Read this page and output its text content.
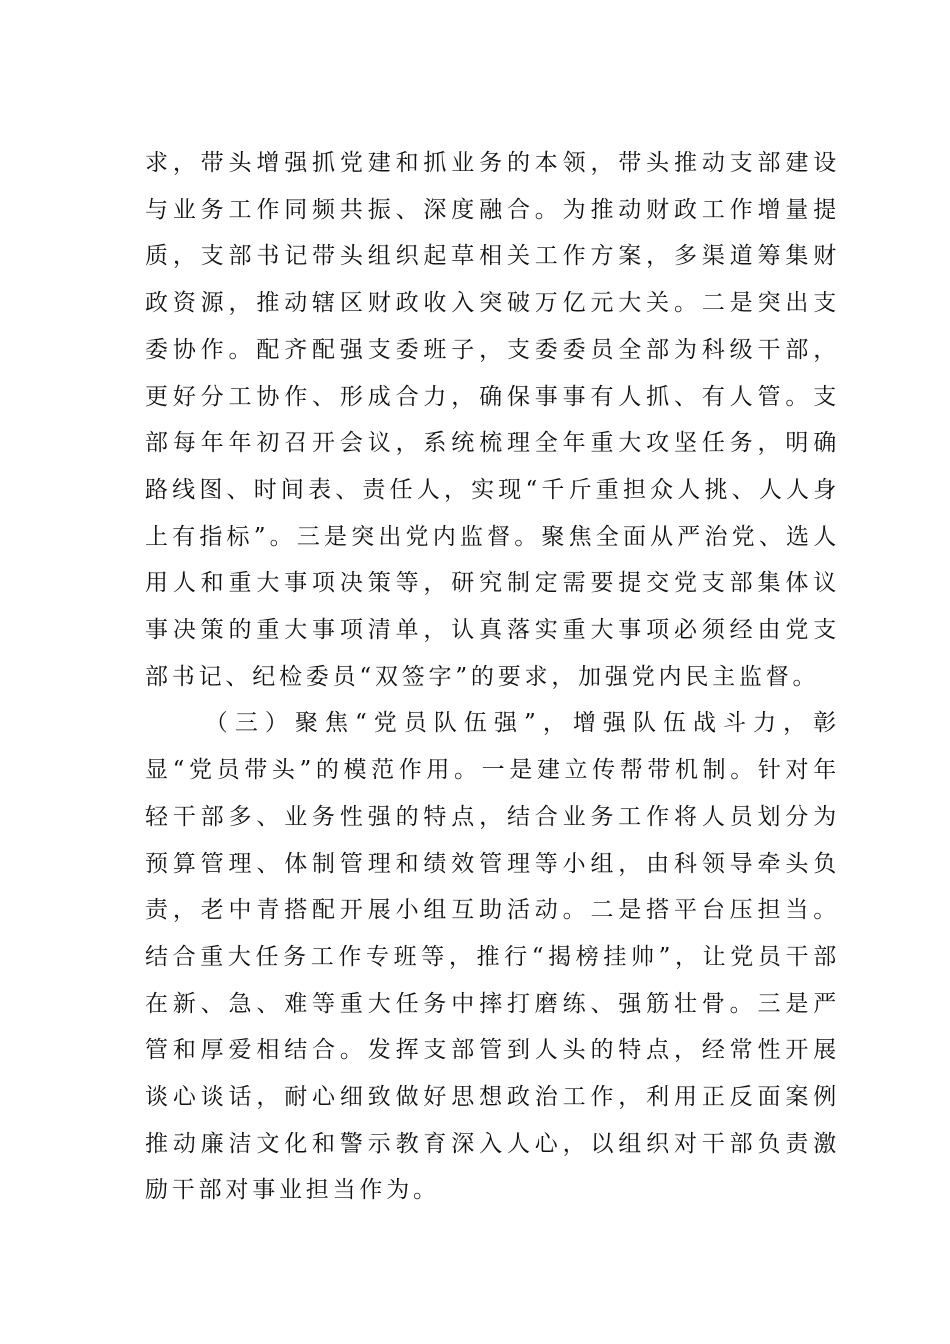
求，带头增强抓党建和抓业务的本领，带头推动支部建设与业务工作同频共振、深度融合。为推动财政工作增量提质，支部书记带头组织起草相关工作方案，多渠道筹集财政资源，推动辖区财政收入突破万亿元大关。二是突出支委协作。配齐配强支委班子，支委委员全部为科级干部，更好分工协作、形成合力，确保事事有人抓、有人管。支部每年年初召开会议，系统梳理全年重大攻坚任务，明确路线图、时间表、责任人，实现“千斤重担众人挑、人人身上有指标”。三是突出党内监督。聚焦全面从严治党、选人用人和重大事项决策等，研究制定需要提交党支部集体议事决策的重大事项清单，认真落实重大事项必须经由党支部书记、纪检委员“双签字”的要求，加强党内民主监督。

（三）聚焦“党员队伍强”，增强队伍战斗力，彰显“党员带头”的模范作用。一是建立传帮带机制。针对年轻干部多、业务性强的特点，结合业务工作将人员划分为预算管理、体制管理和绩效管理等小组，由科领导牵头负责，老中青搭配开展小组互助活动。二是搭平台压担当。结合重大任务工作专班等，推行“揭榜挂帅”，让党员干部在新、急、难等重大任务中摔打磨练、强筋壮骨。三是严管和厚爱相结合。发挥支部管到人头的特点，经常性开展谈心谈话，耐心细致做好思想政治工作，利用正反面案例推动廉洁文化和警示教育深入人心，以组织对干部负责激励干部对事业担当作为。
